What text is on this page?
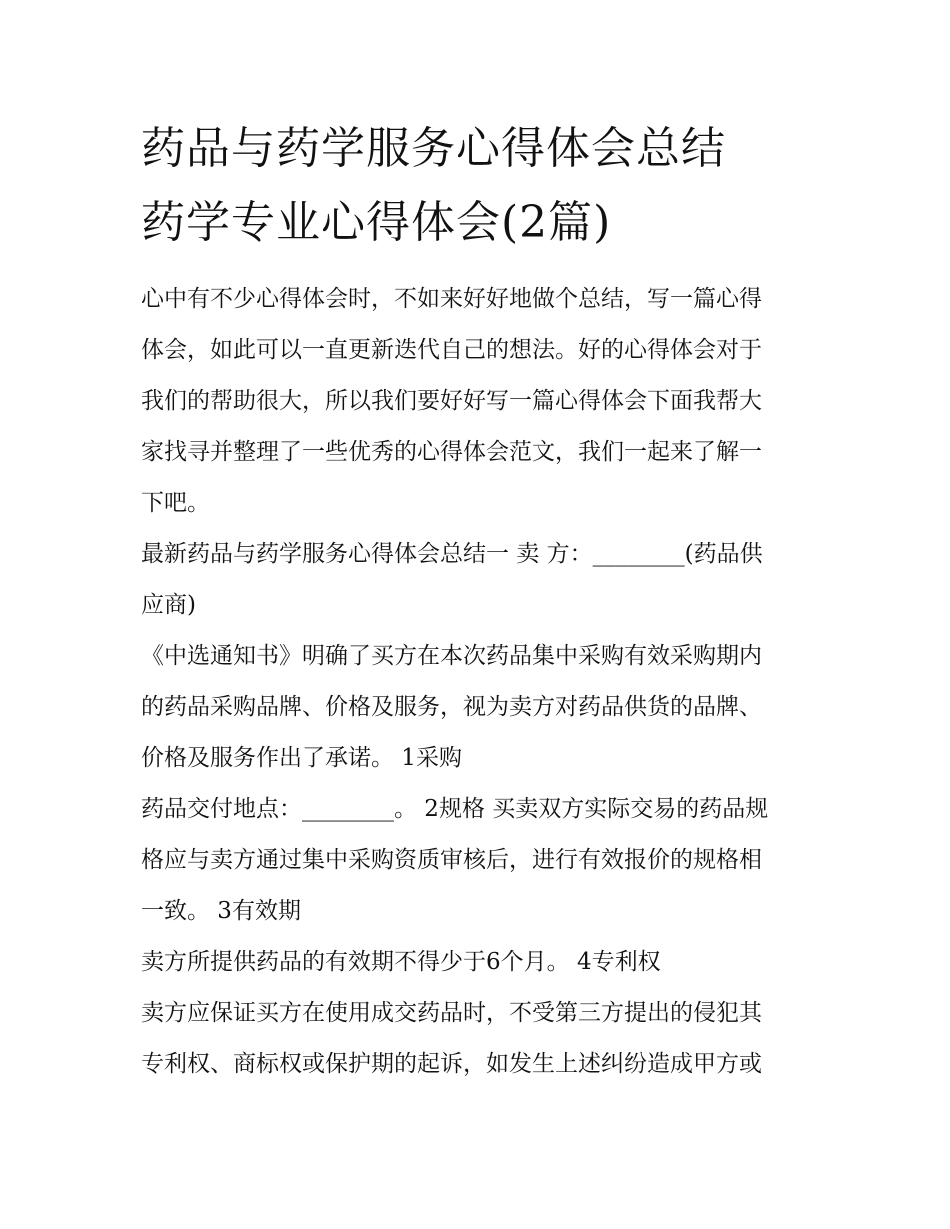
药品与药学服务心得体会总结
药学专业心得体会(2篇)

心中有不少心得体会时，不如来好好地做个总结，写一篇心得
体会，如此可以一直更新迭代自己的想法。好的心得体会对于
我们的帮助很大，所以我们要好好写一篇心得体会下面我帮大
家找寻并整理了一些优秀的心得体会范文，我们一起来了解一
下吧。

最新药品与药学服务心得体会总结一 卖 方：________(药品供
应商)

《中选通知书》明确了买方在本次药品集中采购有效采购期内
的药品采购品牌、价格及服务，视为卖方对药品供货的品牌、
价格及服务作出了承诺。 1采购

药品交付地点：________。 2规格 买卖双方实际交易的药品规
格应与卖方通过集中采购资质审核后，进行有效报价的规格相
一致。 3有效期

卖方所提供药品的有效期不得少于6个月。 4专利权

卖方应保证买方在使用成交药品时，不受第三方提出的侵犯其
专利权、商标权或保护期的起诉，如发生上述纠纷造成甲方或
